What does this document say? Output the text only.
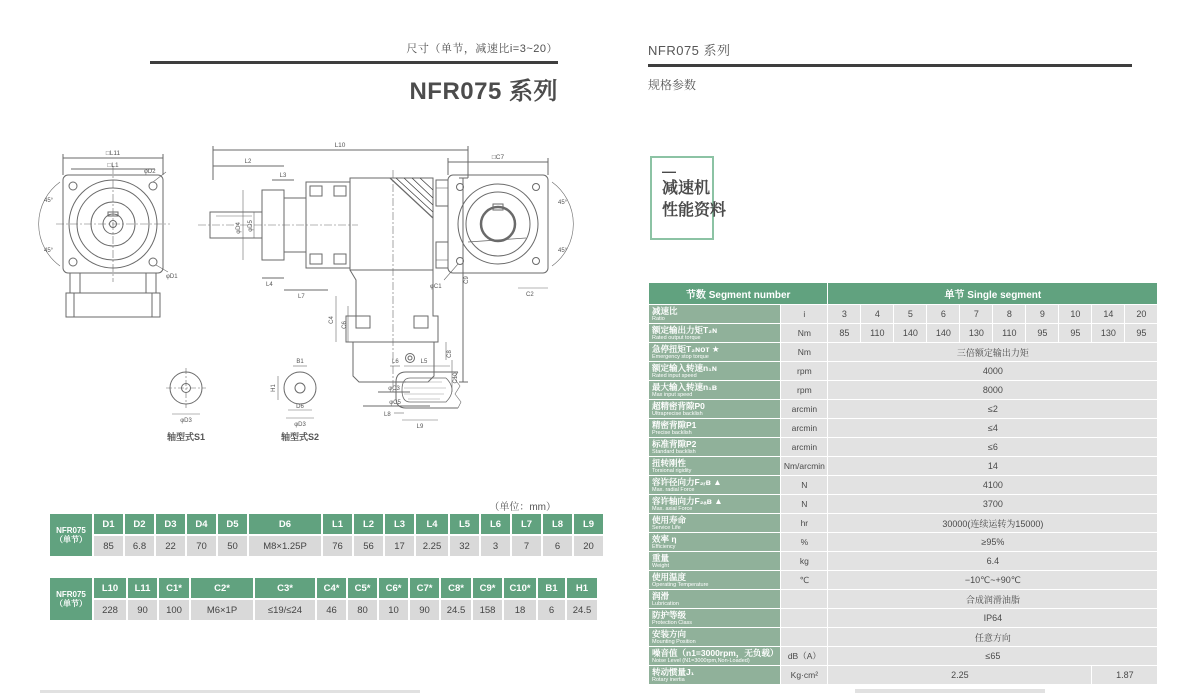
尺寸（单节，减速比i=3~20）
NFR075 系列
NFR075 系列
规格参数
—
减速机
性能资料
□L11
□L1
φD2
45°
45°
φD1
L10
L2
L3
C9
L4
L7
φD4 φD5
C4
C6
φC3
φC5
C8
C10
□C7
45°
45°
φC1
C2
φD3
轴型式S1
B1
H1
D6
φD3
轴型式S2
L6	L5
L8
L9
（单位：mm）
NFR075
（单节）	D1	D2	D3	D4	D5	D6	L1	L2	L3	L4	L5	L6	L7	L8	L9
	85	6.8	22	70	50	M8×1.25P	76	56	17	2.25	32	3	7	6	20
NFR075
（单节）	L10	L11	C1*	C2*	C3*	C4*	C5*	C6*	C7*	C8*	C9*	C10*	B1	H1
	228	90	100	M6×1P	≤19/≤24	46	80	10	90	24.5	158	18	6	24.5
节数 Segment number		单节 Single segment									

减速比
Ratio	i	3	4	5	6	7	8	9	10	14	20

额定输出力矩T₂ɴ
Rated output torque	Nm	85	110	140	140	130	110	95	95	130	95

急停扭矩T₂ɴᴏᴛ ★
Emergency stop torque	Nm	三倍额定输出力矩									

额定输入转速n₁ɴ
Rated input speed	rpm	4000									

最大输入转速n₁ʙ
Max input speed	rpm	8000									

超精密背隙P0
Ultraprecise backlish	arcmin	≤2									

精密背隙P1
Precise backlish	arcmin	≤4									

标准背隙P2
Standard backlish	arcmin	≤6									

扭转刚性
Torsional rigidity	Nm/arcmin	14									

容许径向力F₂ᵣʙ ▲
Max. radial Force	N	4100									

容许轴向力F₂ₐʙ ▲
Max. axial Force	N	3700									

使用寿命
Service Life	hr	30000(连续运转为15000)									

效率 η
Efficiency	%	≥95%									

重量
Weight	kg	6.4									

使用温度
Operating Temperature	℃	−10℃~+90℃									

润滑
Lubrication		合成润滑油脂									

防护等级
Protection Class		IP64									

安装方向
Mounting Position		任意方向									

噪音值（n1=3000rpm，无负载）
Noise Level (N1=3000rpm,Non-Loaded)	dB（A）	≤65									

转动惯量J₁
Rotary inertia	Kg·cm²	2.25								1.87	
